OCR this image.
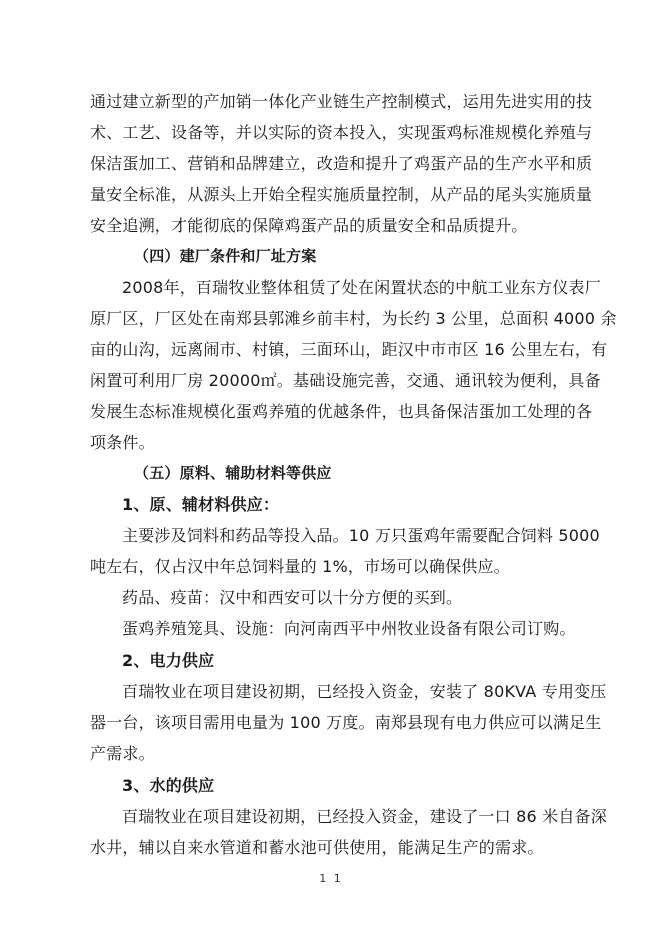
通过建立新型的产加销一体化产业链生产控制模式，运用先进实用的技
术、工艺、设备等，并以实际的资本投入，实现蛋鸡标准规模化养殖与
保洁蛋加工、营销和品牌建立，改造和提升了鸡蛋产品的生产水平和质
量安全标准，从源头上开始全程实施质量控制，从产品的尾头实施质量
安全追溯，才能彻底的保障鸡蛋产品的质量安全和品质提升。
（四）建厂条件和厂址方案
2008年，百瑞牧业整体租赁了处在闲置状态的中航工业东方仪表厂
原厂区，厂区处在南郑县郭滩乡前丰村，为长约 3 公里，总面积 4000 余
亩的山沟，远离闹市、村镇，三面环山，距汉中市市区 16 公里左右，有
闲置可利用厂房 20000㎡。基础设施完善，交通、通讯较为便利，具备
发展生态标准规模化蛋鸡养殖的优越条件，也具备保洁蛋加工处理的各
项条件。
（五）原料、辅助材料等供应
1、原、辅材料供应：
主要涉及饲料和药品等投入品。10 万只蛋鸡年需要配合饲料 5000
吨左右，仅占汉中年总饲料量的 1%，市场可以确保供应。
药品、疫苗：汉中和西安可以十分方便的买到。
蛋鸡养殖笼具、设施：向河南西平中州牧业设备有限公司订购。
2、电力供应
百瑞牧业在项目建设初期，已经投入资金，安装了 80KVA 专用变压
器一台，该项目需用电量为 100 万度。南郑县现有电力供应可以满足生
产需求。
3、水的供应
百瑞牧业在项目建设初期，已经投入资金，建设了一口 86 米自备深
水井，辅以自来水管道和蓄水池可供使用，能满足生产的需求。
1 1
